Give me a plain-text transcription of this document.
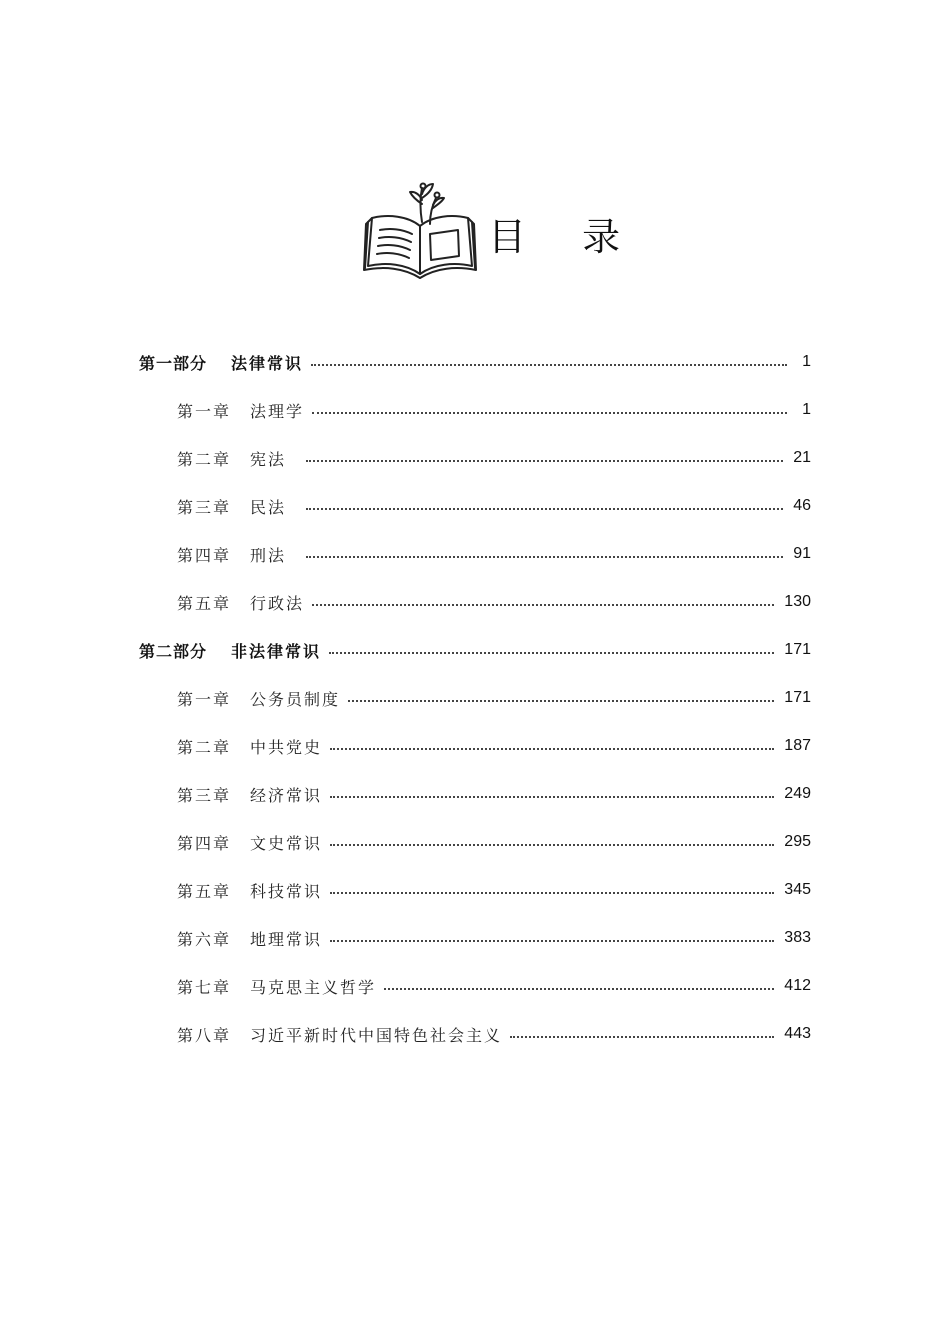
目 录
第一部分	法律常识	1
第一章	法理学	1
第二章	宪法	21
第三章	民法	46
第四章	刑法	91
第五章	行政法	130
第二部分	非法律常识	171
第一章	公务员制度	171
第二章	中共党史	187
第三章	经济常识	249
第四章	文史常识	295
第五章	科技常识	345
第六章	地理常识	383
第七章	马克思主义哲学	412
第八章	习近平新时代中国特色社会主义	443
